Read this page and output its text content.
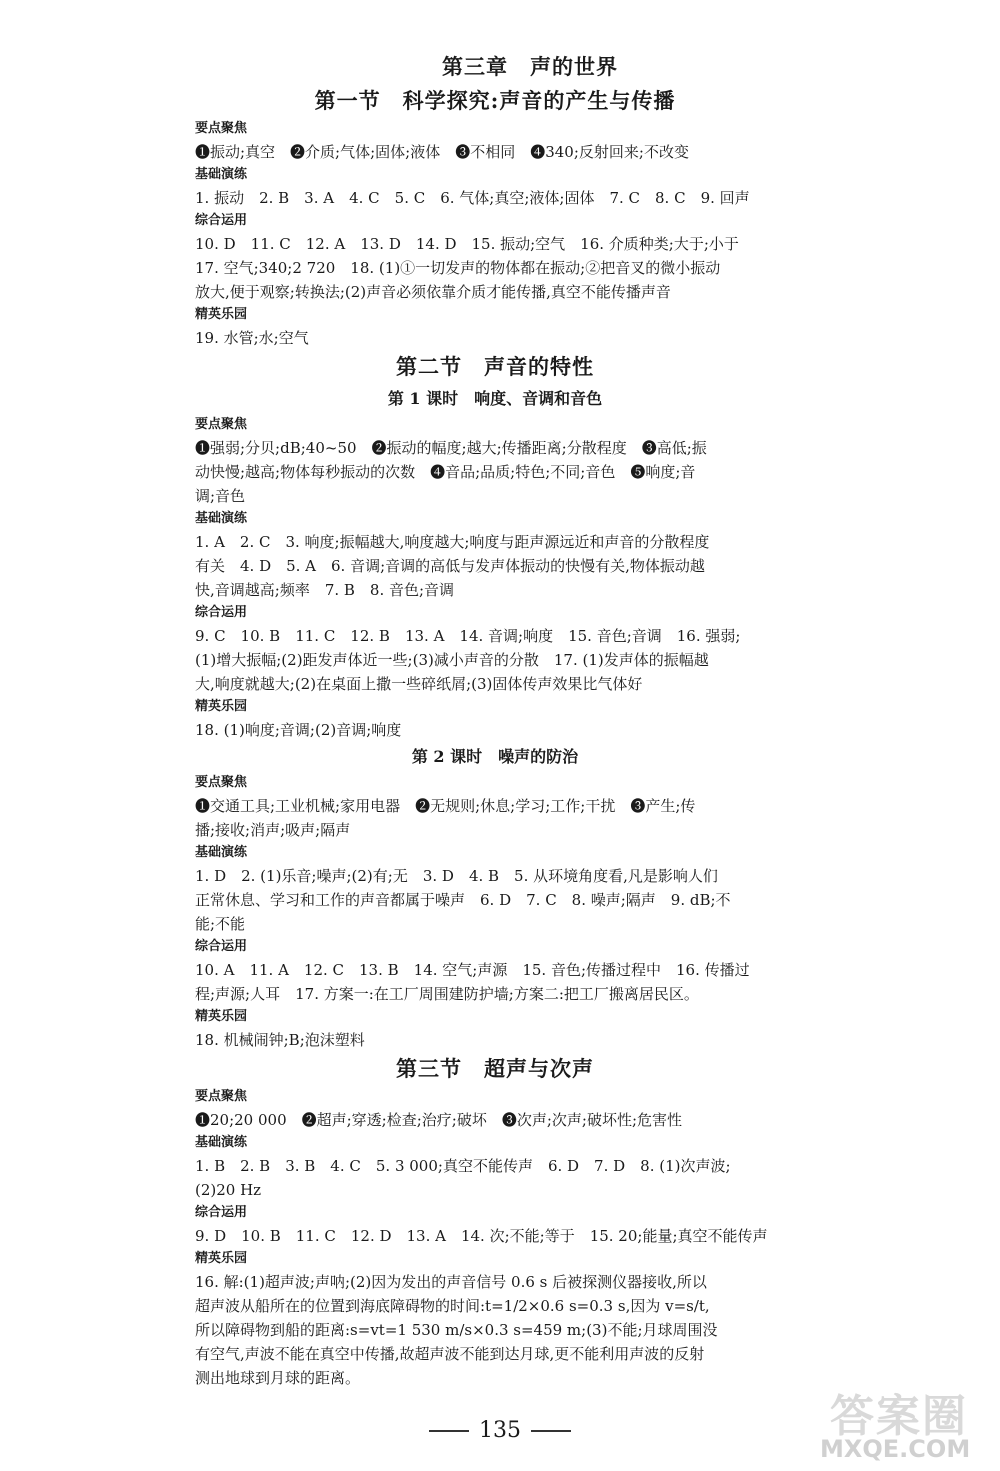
第三章　声的世界
第一节　科学探究:声音的产生与传播
要点聚焦
❶振动;真空　❷介质;气体;固体;液体　❸不相同　❹340;反射回来;不改变
基础演练
1. 振动　2. B　3. A　4. C　5. C　6. 气体;真空;液体;固体　7. C　8. C　9. 回声
综合运用
10. D　11. C　12. A　13. D　14. D　15. 振动;空气　16. 介质种类;大于;小于
17. 空气;340;2 720　18. (1)①一切发声的物体都在振动;②把音叉的微小振动
放大,便于观察;转换法;(2)声音必须依靠介质才能传播,真空不能传播声音
精英乐园
19. 水管;水;空气
第二节　声音的特性
第 1 课时　响度、音调和音色
要点聚焦
❶强弱;分贝;dB;40~50　❷振动的幅度;越大;传播距离;分散程度　❸高低;振
动快慢;越高;物体每秒振动的次数　❹音品;品质;特色;不同;音色　❺响度;音
调;音色
基础演练
1. A　2. C　3. 响度;振幅越大,响度越大;响度与距声源远近和声音的分散程度
有关　4. D　5. A　6. 音调;音调的高低与发声体振动的快慢有关,物体振动越
快,音调越高;频率　7. B　8. 音色;音调
综合运用
9. C　10. B　11. C　12. B　13. A　14. 音调;响度　15. 音色;音调　16. 强弱;
(1)增大振幅;(2)距发声体近一些;(3)减小声音的分散　17. (1)发声体的振幅越
大,响度就越大;(2)在桌面上撒一些碎纸屑;(3)固体传声效果比气体好
精英乐园
18. (1)响度;音调;(2)音调;响度
第 2 课时　噪声的防治
要点聚焦
❶交通工具;工业机械;家用电器　❷无规则;休息;学习;工作;干扰　❸产生;传
播;接收;消声;吸声;隔声
基础演练
1. D　2. (1)乐音;噪声;(2)有;无　3. D　4. B　5. 从环境角度看,凡是影响人们
正常休息、学习和工作的声音都属于噪声　6. D　7. C　8. 噪声;隔声　9. dB;不
能;不能
综合运用
10. A　11. A　12. C　13. B　14. 空气;声源　15. 音色;传播过程中　16. 传播过
程;声源;人耳　17. 方案一:在工厂周围建防护墙;方案二:把工厂搬离居民区。
精英乐园
18. 机械闹钟;B;泡沫塑料
第三节　超声与次声
要点聚焦
❶20;20 000　❷超声;穿透;检查;治疗;破坏　❸次声;次声;破坏性;危害性
基础演练
1. B　2. B　3. B　4. C　5. 3 000;真空不能传声　6. D　7. D　8. (1)次声波;
(2)20 Hz
综合运用
9. D　10. B　11. C　12. D　13. A　14. 次;不能;等于　15. 20;能量;真空不能传声
精英乐园
16. 解:(1)超声波;声呐;(2)因为发出的声音信号 0.6 s 后被探测仪器接收,所以
超声波从船所在的位置到海底障碍物的时间:t=1/2×0.6 s=0.3 s,因为 v=s/t,
所以障碍物到船的距离:s=vt=1 530 m/s×0.3 s=459 m;(3)不能;月球周围没
有空气,声波不能在真空中传播,故超声波不能到达月球,更不能利用声波的反射
测出地球到月球的距离。
135	答案圈
MXQE.COM
